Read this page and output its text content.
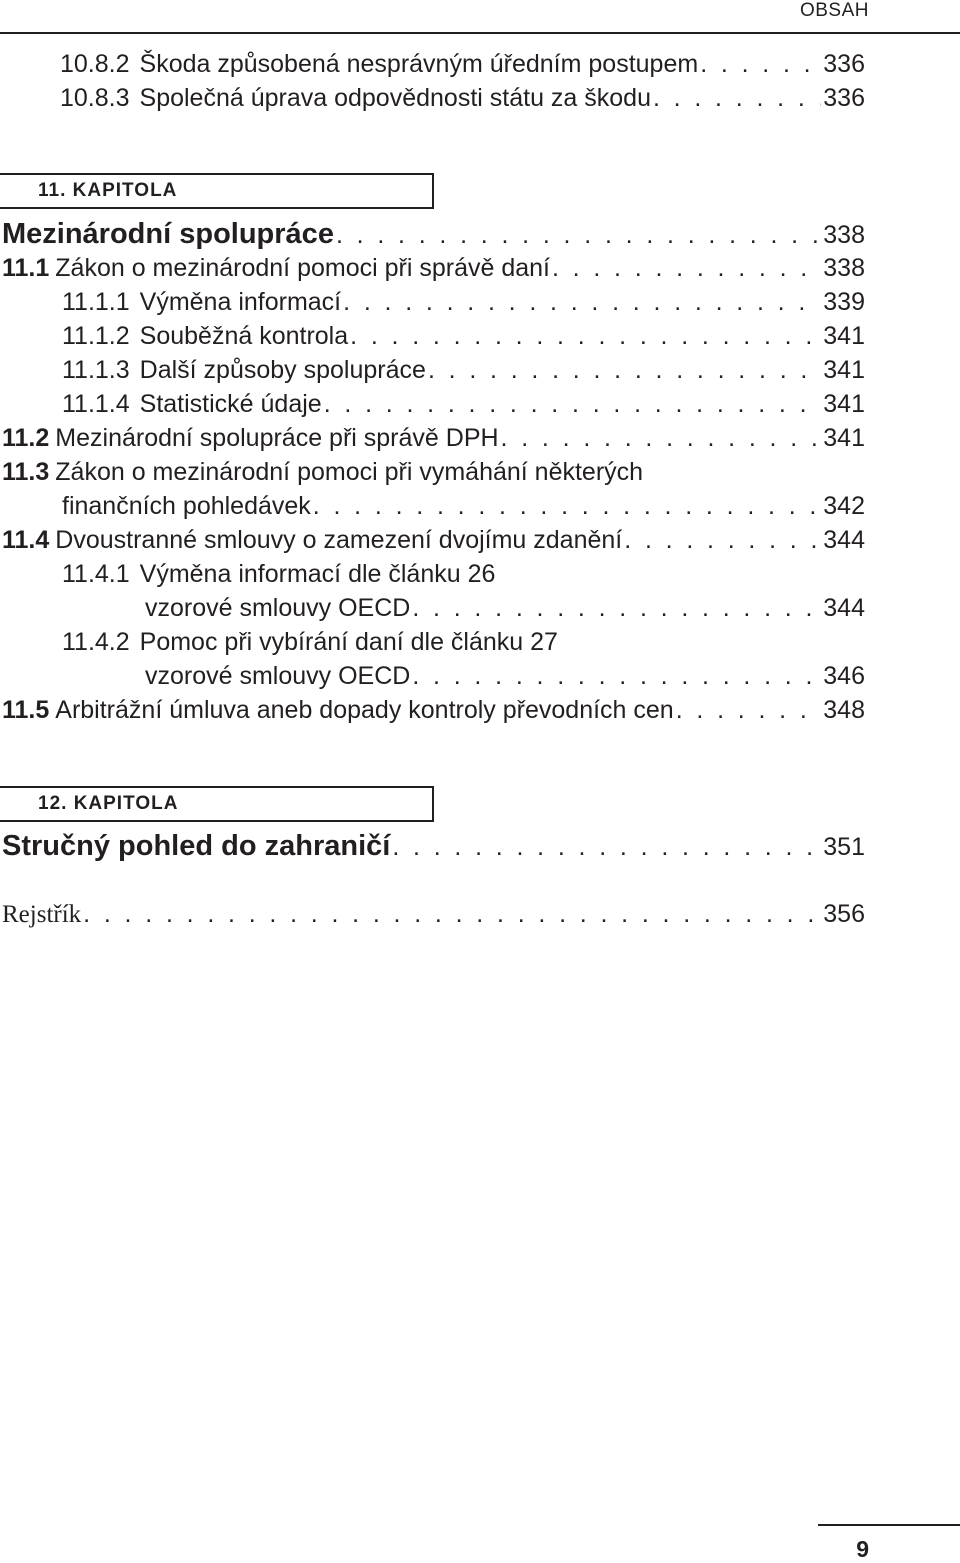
OBSAH
10.8.2 Škoda způsobená nesprávným úředním postupem . . .	336
10.8.3 Společná úprava odpovědnosti státu za škodu . . .	336
11. KAPITOLA
Mezinárodní spolupráce . . .	338
11.1 Zákon o mezinárodní pomoci při správě daní . . .	338
11.1.1 Výměna informací . . .	339
11.1.2 Souběžná kontrola . . .	341
11.1.3 Další způsoby spolupráce . . .	341
11.1.4 Statistické údaje . . .	341
11.2 Mezinárodní spolupráce při správě DPH . . .	341
11.3 Zákon o mezinárodní pomoci při vymáhání některých
finančních pohledávek . . .	342
11.4 Dvoustranné smlouvy o zamezení dvojímu zdanění . . .	344
11.4.1 Výměna informací dle článku 26
vzorové smlouvy OECD . . .	344
11.4.2 Pomoc při vybírání daní dle článku 27
vzorové smlouvy OECD . . .	346
11.5 Arbitrážní úmluva aneb dopady kontroly převodních cen . . .	348
12. KAPITOLA
Stručný pohled do zahraničí . . .	351
Rejstřík . . .	356
9
